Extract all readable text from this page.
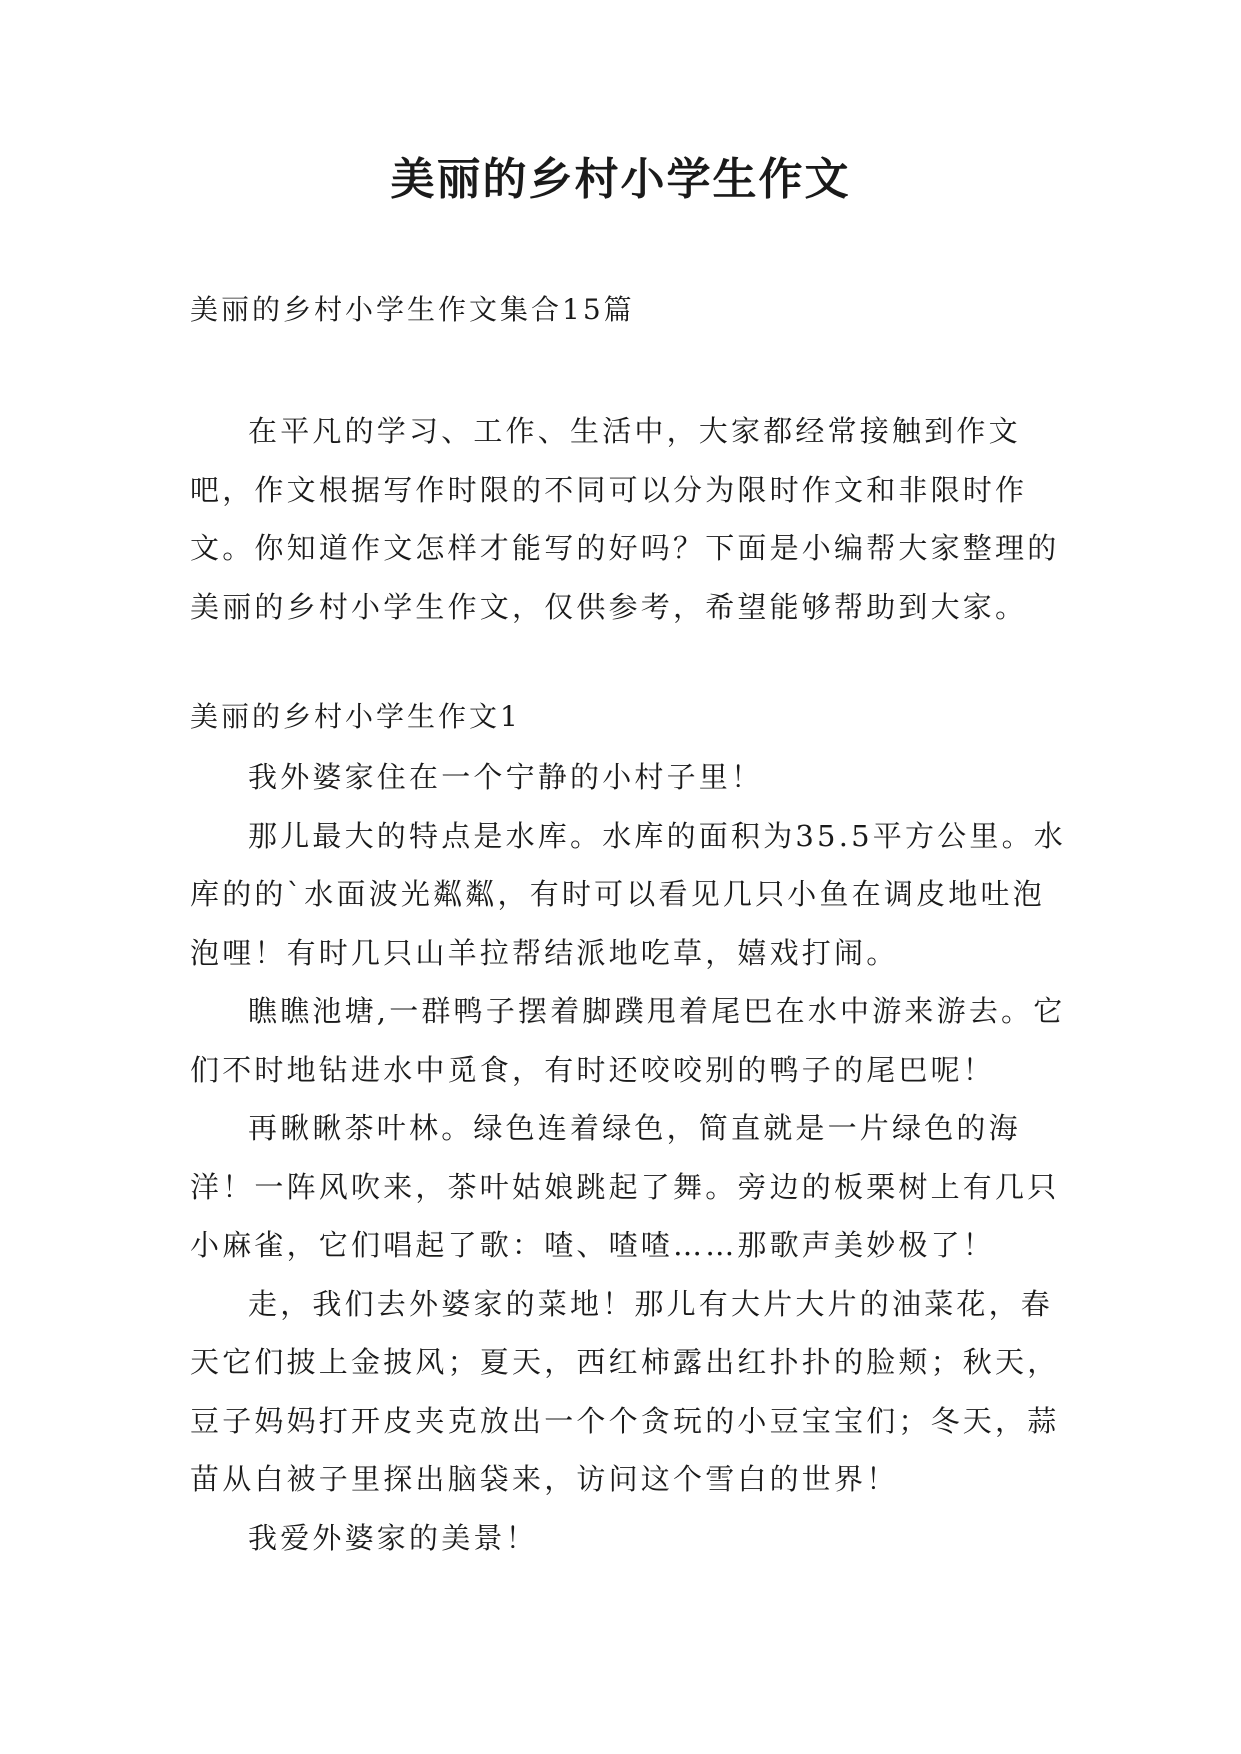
美丽的乡村小学生作文
美丽的乡村小学生作文集合15篇

在平凡的学习、工作、生活中，大家都经常接触到作文吧，作文根据写作时限的不同可以分为限时作文和非限时作文。你知道作文怎样才能写的好吗？下面是小编帮大家整理的美丽的乡村小学生作文，仅供参考，希望能够帮助到大家。

美丽的乡村小学生作文1

我外婆家住在一个宁静的小村子里！

那儿最大的特点是水库。水库的面积为35.5平方公里。水库的的`水面波光粼粼，有时可以看见几只小鱼在调皮地吐泡泡哩！有时几只山羊拉帮结派地吃草，嬉戏打闹。

瞧瞧池塘,一群鸭子摆着脚蹼甩着尾巴在水中游来游去。它们不时地钻进水中觅食，有时还咬咬别的鸭子的尾巴呢！

再瞅瞅茶叶林。绿色连着绿色，简直就是一片绿色的海洋！一阵风吹来，茶叶姑娘跳起了舞。旁边的板栗树上有几只小麻雀，它们唱起了歌：喳、喳喳……那歌声美妙极了！

走，我们去外婆家的菜地！那儿有大片大片的油菜花，春天它们披上金披风；夏天，西红柿露出红扑扑的脸颊；秋天，豆子妈妈打开皮夹克放出一个个贪玩的小豆宝宝们；冬天，蒜苗从白被子里探出脑袋来，访问这个雪白的世界！

我爱外婆家的美景！
